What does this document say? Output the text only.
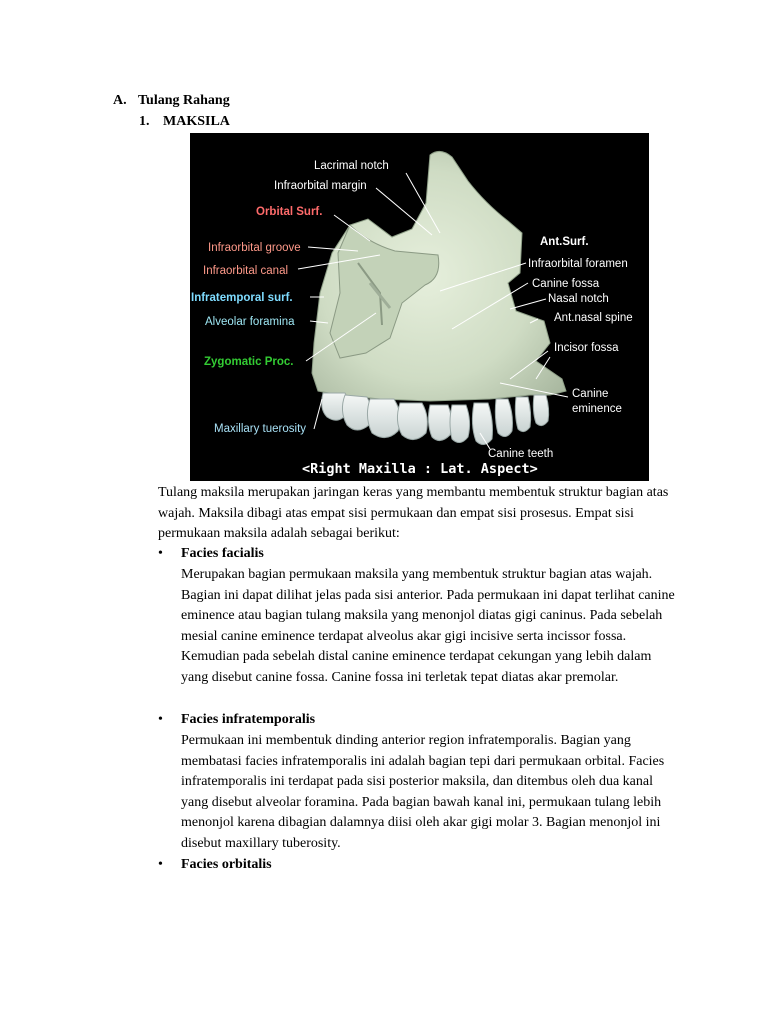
A. Tulang Rahang
1. MAKSILA
Lacrimal notch
Infraorbital margin
Orbital Surf.
Infraorbital groove
Infraorbital canal
Infratemporal surf.
Alveolar foramina
Zygomatic Proc.
Maxillary tuerosity
Ant.Surf.
Infraorbital foramen
Canine fossa
Nasal notch
Ant.nasal spine
Incisor fossa
Canine
eminence
Canine teeth
<Right Maxilla : Lat. Aspect>
Tulang maksila merupakan jaringan keras yang membantu membentuk struktur bagian atas wajah. Maksila dibagi atas empat sisi permukaan dan empat sisi prosesus. Empat sisi permukaan maksila adalah sebagai berikut:
• Facies facialis
Merupakan bagian permukaan maksila yang membentuk struktur bagian atas wajah. Bagian ini dapat dilihat jelas pada sisi anterior. Pada permukaan ini dapat terlihat canine eminence atau bagian tulang maksila yang menonjol diatas gigi caninus. Pada sebelah mesial canine eminence terdapat alveolus akar gigi incisive serta incissor fossa. Kemudian pada sebelah distal canine eminence terdapat cekungan yang lebih dalam yang disebut canine fossa. Canine fossa ini terletak tepat diatas akar premolar.
• Facies infratemporalis
Permukaan ini membentuk dinding anterior region infratemporalis. Bagian yang membatasi facies infratemporalis ini adalah bagian tepi dari permukaan orbital. Facies infratemporalis ini terdapat pada sisi posterior maksila, dan ditembus oleh dua kanal yang disebut alveolar foramina. Pada bagian bawah kanal ini, permukaan tulang lebih menonjol karena dibagian dalamnya diisi oleh akar gigi molar 3. Bagian menonjol ini disebut maxillary tuberosity.
• Facies orbitalis
